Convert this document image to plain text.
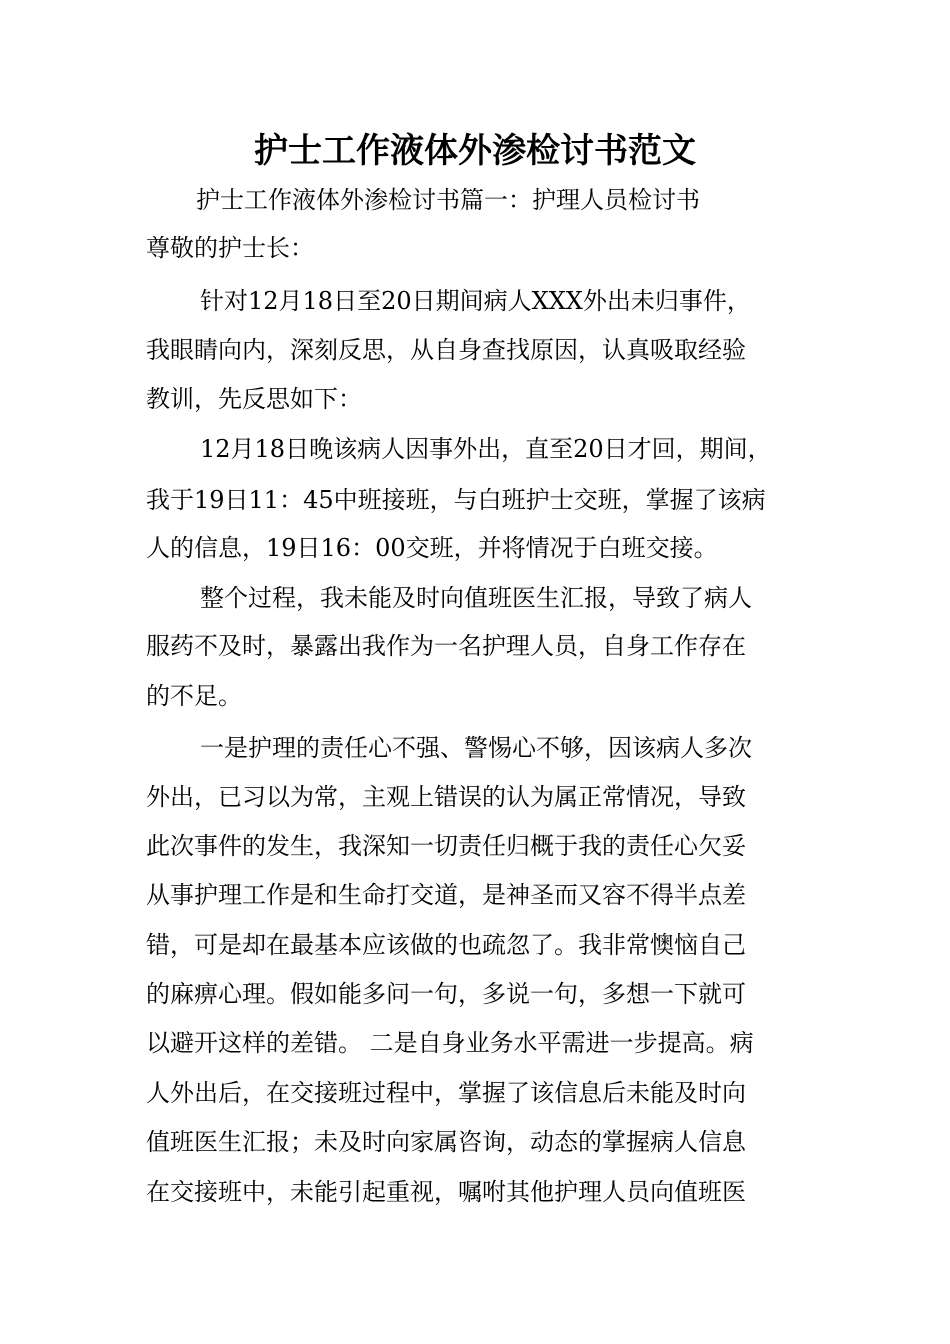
护士工作液体外渗检讨书范文

护士工作液体外渗检讨书篇一：护理人员检讨书

尊敬的护士长：

针对12月18日至20日期间病人XXX外出未归事件，

我眼睛向内，深刻反思，从自身查找原因，认真吸取经验

教训，先反思如下：

12月18日晚该病人因事外出，直至20日才回，期间，

我于19日11：45中班接班，与白班护士交班，掌握了该病

人的信息，19日16：00交班，并将情况于白班交接。

整个过程，我未能及时向值班医生汇报，导致了病人

服药不及时，暴露出我作为一名护理人员，自身工作存在

的不足。

一是护理的责任心不强、警惕心不够，因该病人多次

外出，已习以为常，主观上错误的认为属正常情况，导致

此次事件的发生，我深知一切责任归概于我的责任心欠妥

从事护理工作是和生命打交道，是神圣而又容不得半点差

错，可是却在最基本应该做的也疏忽了。我非常懊恼自己

的麻痹心理。假如能多问一句，多说一句，多想一下就可

以避开这样的差错。 二是自身业务水平需进一步提高。病

人外出后，在交接班过程中，掌握了该信息后未能及时向

值班医生汇报；未及时向家属咨询，动态的掌握病人信息

在交接班中，未能引起重视，嘱咐其他护理人员向值班医
